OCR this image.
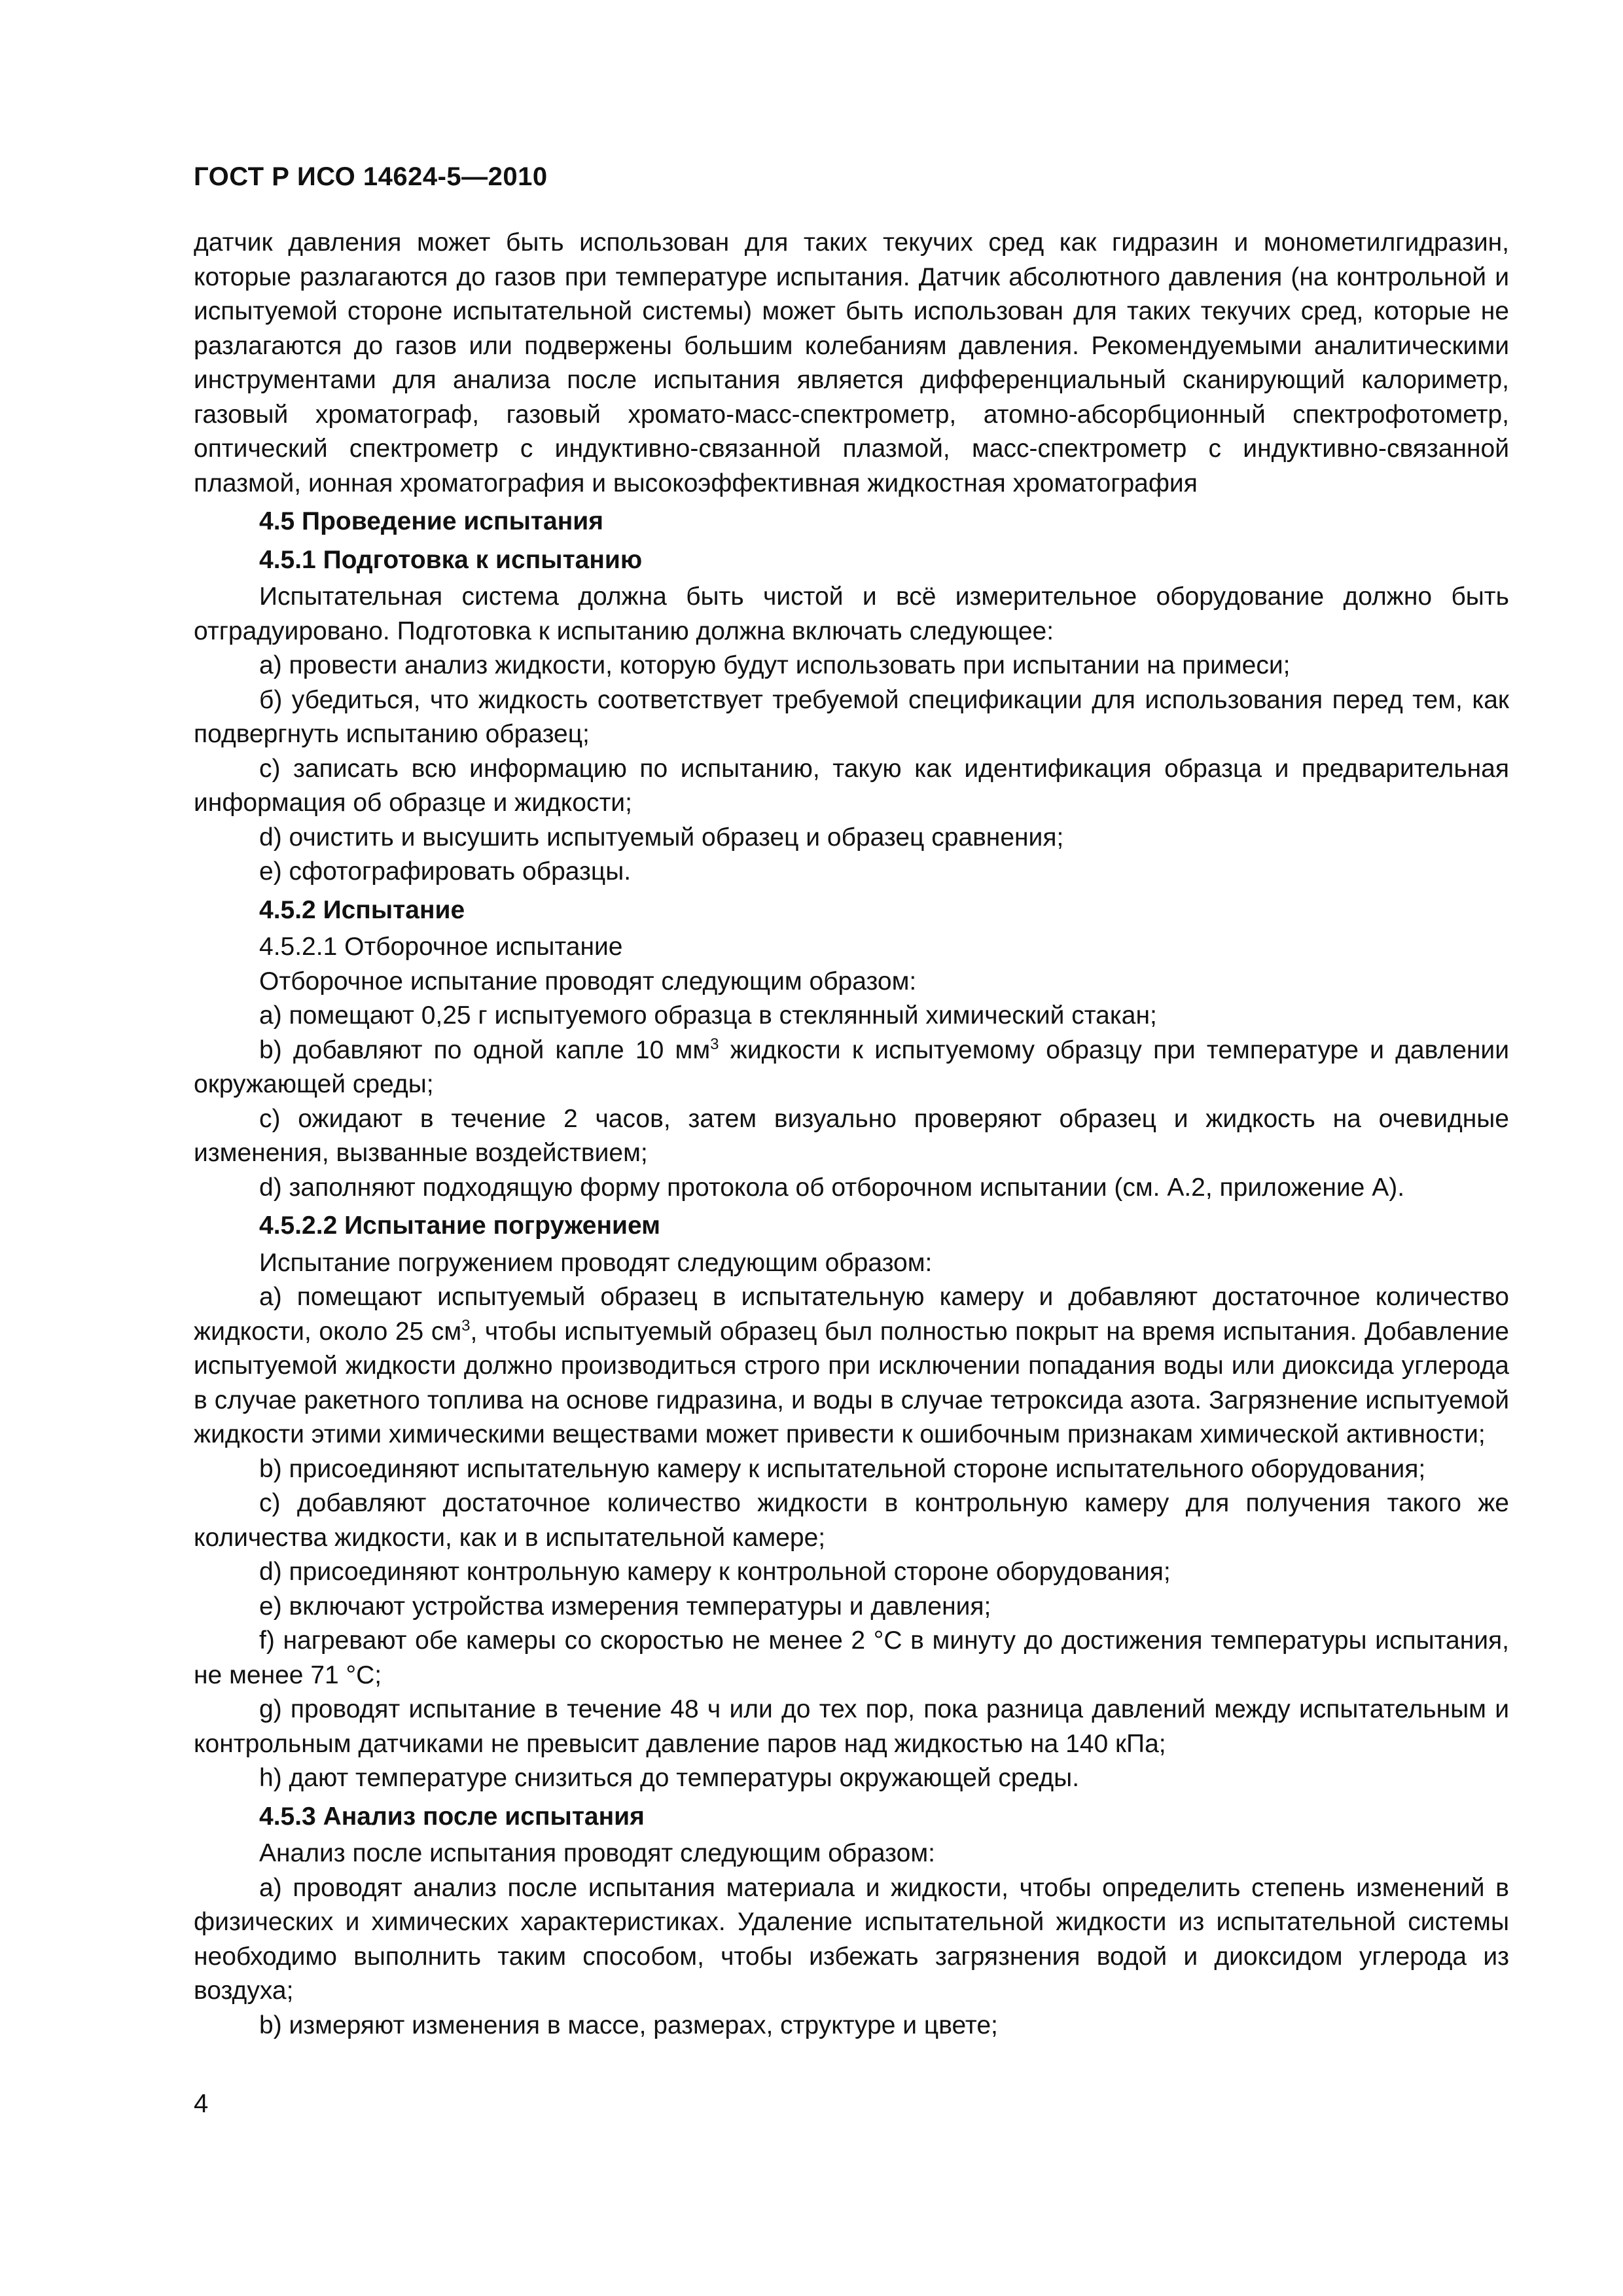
ГОСТ Р ИСО 14624-5—2010

датчик давления может быть использован для таких текучих сред как гидразин и монометилгидразин, которые разлагаются до газов при температуре испытания. Датчик абсолютного давления (на контрольной и испытуемой стороне испытательной системы) может быть использован для таких текучих сред, которые не разлагаются до газов или подвержены большим колебаниям давления. Рекомендуемыми аналитическими инструментами для анализа после испытания является дифференциальный сканирующий калориметр, газовый хроматограф, газовый хромато-масс-спектрометр, атомно-абсорбционный спектрофотометр, оптический спектрометр с индуктивно-связанной плазмой, масс-спектрометр с индуктивно-связанной плазмой, ионная хроматография и высокоэффективная жидкостная хроматография

4.5 Проведение испытания

4.5.1 Подготовка к испытанию

Испытательная система должна быть чистой и всё измерительное оборудование должно быть отградуировано. Подготовка к испытанию должна включать следующее:

а) провести анализ жидкости, которую будут использовать при испытании на примеси;

б) убедиться, что жидкость соответствует требуемой спецификации для использования перед тем, как подвергнуть испытанию образец;

c) записать всю информацию по испытанию, такую как идентификация образца и предварительная информация об образце и жидкости;

d) очистить и высушить испытуемый образец и образец сравнения;

e) сфотографировать образцы.

4.5.2 Испытание

4.5.2.1 Отборочное испытание

Отборочное испытание проводят следующим образом:

а) помещают 0,25 г испытуемого образца в стеклянный химический стакан;

b) добавляют по одной капле 10 $мм^3$ жидкости к испытуемому образцу при температуре и давлении окружающей среды;

c) ожидают в течение 2 часов, затем визуально проверяют образец и жидкость на очевидные изменения, вызванные воздействием;

d) заполняют подходящую форму протокола об отборочном испытании (см. А.2, приложение А).

4.5.2.2 Испытание погружением

Испытание погружением проводят следующим образом:

а) помещают испытуемый образец в испытательную камеру и добавляют достаточное количество жидкости, около 25 $см^3$, чтобы испытуемый образец был полностью покрыт на время испытания. Добавление испытуемой жидкости должно производиться строго при исключении попадания воды или диоксида углерода в случае ракетного топлива на основе гидразина, и воды в случае тетроксида азота. Загрязнение испытуемой жидкости этими химическими веществами может привести к ошибочным признакам химической активности;

b) присоединяют испытательную камеру к испытательной стороне испытательного оборудования;

c) добавляют достаточное количество жидкости в контрольную камеру для получения такого же количества жидкости, как и в испытательной камере;

d) присоединяют контрольную камеру к контрольной стороне оборудования;

e) включают устройства измерения температуры и давления;

f) нагревают обе камеры со скоростью не менее 2 °С в минуту до достижения температуры испытания, не менее 71 °С;

g) проводят испытание в течение 48 ч или до тех пор, пока разница давлений между испытательным и контрольным датчиками не превысит давление паров над жидкостью на 140 кПа;

h) дают температуре снизиться до температуры окружающей среды.

4.5.3 Анализ после испытания

Анализ после испытания проводят следующим образом:

а) проводят анализ после испытания материала и жидкости, чтобы определить степень изменений в физических и химических характеристиках. Удаление испытательной жидкости из испытательной системы необходимо выполнить таким способом, чтобы избежать загрязнения водой и диоксидом углерода из воздуха;

b) измеряют изменения в массе, размерах, структуре и цвете;

4
